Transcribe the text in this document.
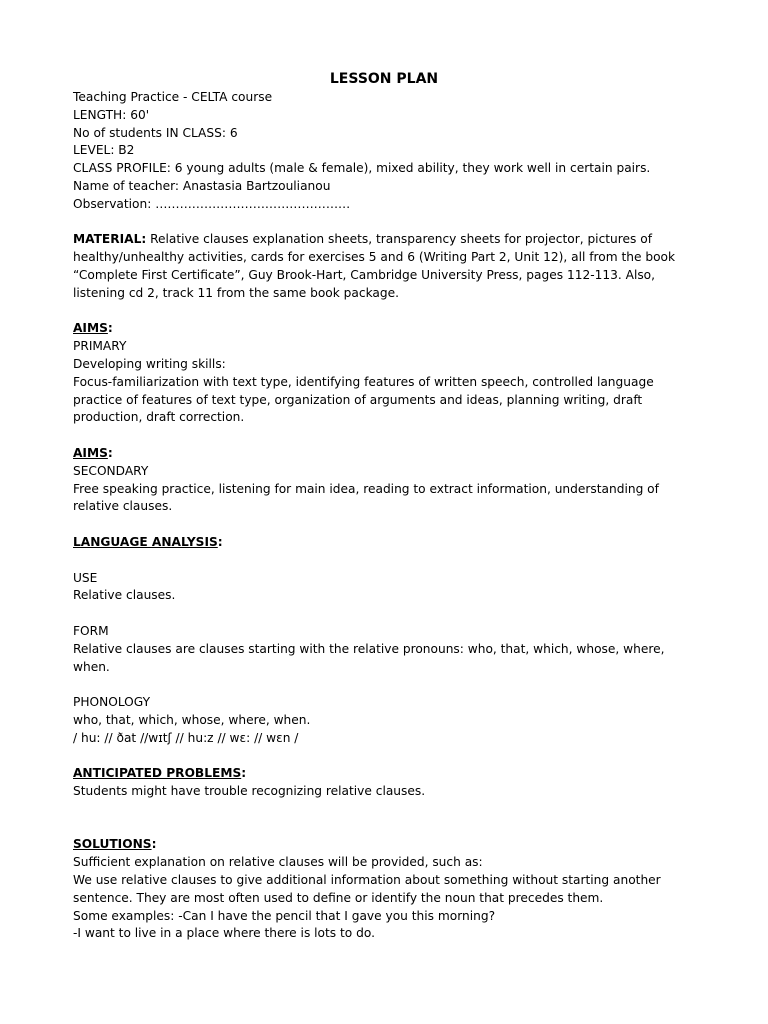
LESSON PLAN
Teaching Practice - CELTA course
LENGTH: 60'
No of students IN CLASS: 6
LEVEL: B2
CLASS PROFILE: 6 young adults (male & female), mixed ability, they work well in certain pairs.
Name of teacher: Anastasia Bartzoulianou
Observation: …………………………………………
MATERIAL: Relative clauses explanation sheets, transparency sheets for projector, pictures of
healthy/unhealthy activities, cards for exercises 5 and 6 (Writing Part 2, Unit 12), all from the book
“Complete First Certificate”, Guy Brook-Hart, Cambridge University Press, pages 112-113. Also,
listening cd 2, track 11 from the same book package.
AIMS:
PRIMARY
Developing writing skills:
Focus-familiarization with text type, identifying features of written speech, controlled language
practice of features of text type, organization of arguments and ideas, planning writing, draft
production, draft correction.
AIMS:
SECONDARY
Free speaking practice, listening for main idea, reading to extract information, understanding of
relative clauses.
LANGUAGE ANALYSIS:
USE
Relative clauses.
FORM
Relative clauses are clauses starting with the relative pronouns: who, that, which, whose, where,
when.
PHONOLOGY
who, that, which, whose, where, when.
/ hu: // ðat //wɪtʃ // hu:z // wɛ: // wɛn /
ANTICIPATED PROBLEMS:
Students might have trouble recognizing relative clauses.
SOLUTIONS:
Sufficient explanation on relative clauses will be provided, such as:
We use relative clauses to give additional information about something without starting another
sentence. They are most often used to define or identify the noun that precedes them.
Some examples: -Can I have the pencil that I gave you this morning?
-I want to live in a place where there is lots to do.
